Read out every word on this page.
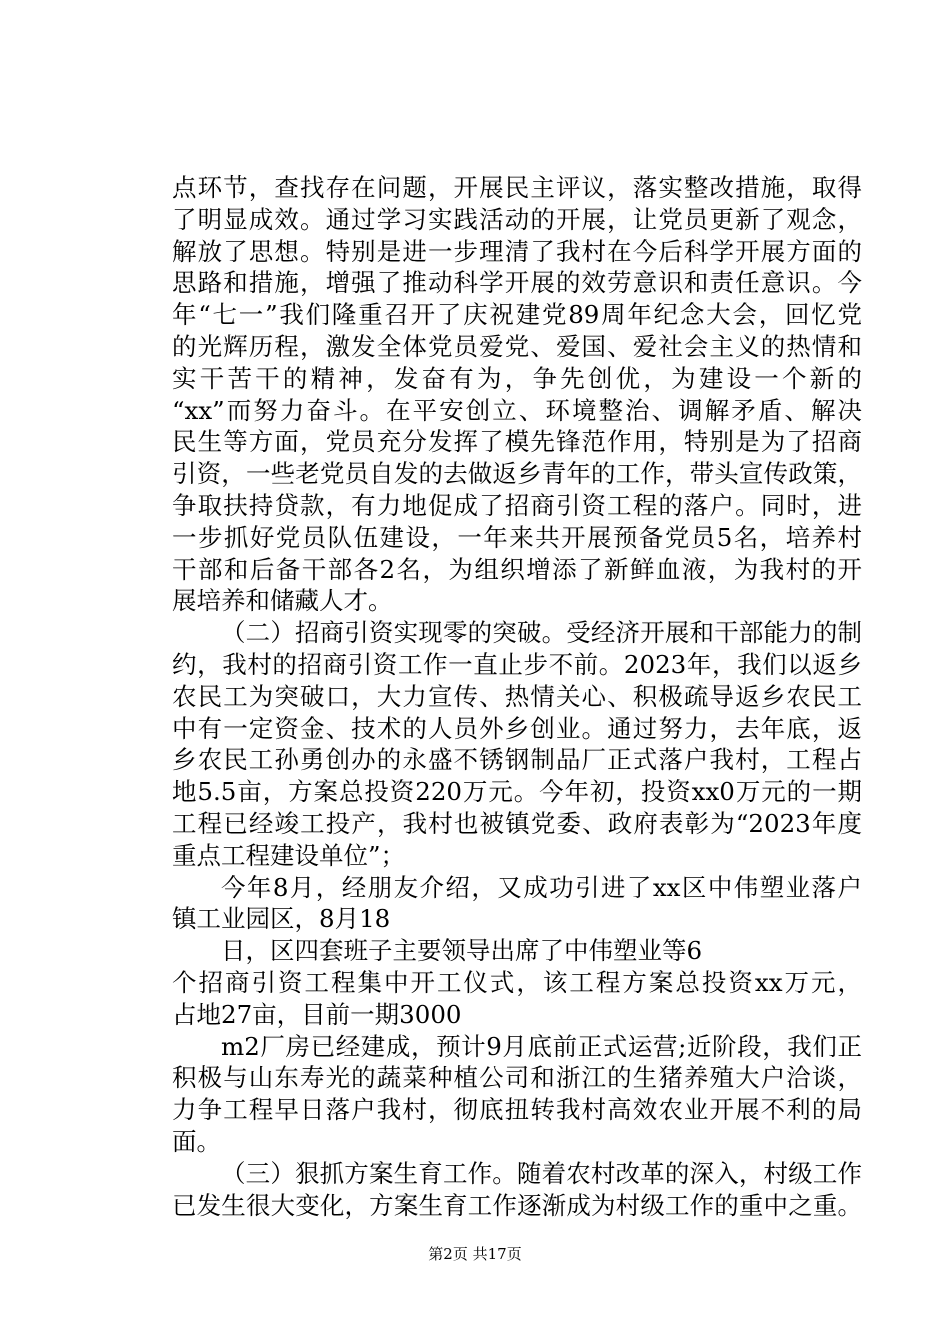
点环节，查找存在问题，开展民主评议，落实整改措施，取得
了明显成效。通过学习实践活动的开展，让党员更新了观念，
解放了思想。特别是进一步理清了我村在今后科学开展方面的
思路和措施，增强了推动科学开展的效劳意识和责任意识。今
年“七一”我们隆重召开了庆祝建党89周年纪念大会，回忆党
的光辉历程，激发全体党员爱党、爱国、爱社会主义的热情和
实干苦干的精神，发奋有为，争先创优，为建设一个新的
“xx”而努力奋斗。在平安创立、环境整治、调解矛盾、解决
民生等方面，党员充分发挥了模先锋范作用，特别是为了招商
引资，一些老党员自发的去做返乡青年的工作，带头宣传政策，
争取扶持贷款，有力地促成了招商引资工程的落户。同时，进
一步抓好党员队伍建设，一年来共开展预备党员5名，培养村
干部和后备干部各2名，为组织增添了新鲜血液，为我村的开
展培养和储藏人才。
（二）招商引资实现零的突破。受经济开展和干部能力的制
约，我村的招商引资工作一直止步不前。2023年，我们以返乡
农民工为突破口，大力宣传、热情关心、积极疏导返乡农民工
中有一定资金、技术的人员外乡创业。通过努力，去年底，返
乡农民工孙勇创办的永盛不锈钢制品厂正式落户我村，工程占
地5.5亩，方案总投资220万元。今年初，投资xx0万元的一期
工程已经竣工投产，我村也被镇党委、政府表彰为“2023年度
重点工程建设单位”；
今年8月，经朋友介绍，又成功引进了xx区中伟塑业落户
镇工业园区，8月18
日，区四套班子主要领导出席了中伟塑业等6
个招商引资工程集中开工仪式，该工程方案总投资xx万元，
占地27亩，目前一期3000
m2厂房已经建成，预计9月底前正式运营;近阶段，我们正
积极与山东寿光的蔬菜种植公司和浙江的生猪养殖大户洽谈，
力争工程早日落户我村，彻底扭转我村高效农业开展不利的局
面。
（三）狠抓方案生育工作。随着农村改革的深入，村级工作
已发生很大变化，方案生育工作逐渐成为村级工作的重中之重。
第2页 共17页
